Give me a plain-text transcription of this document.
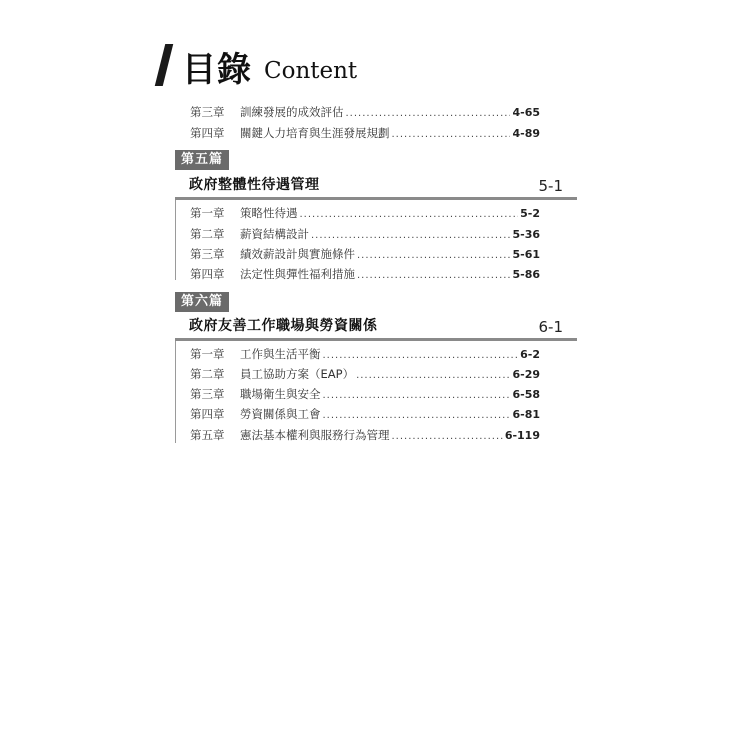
目錄 Content
第三章	訓練發展的成效評估 .....	4-65
第四章	關鍵人力培育與生涯發展規劃 .....	4-89
第五篇
政府整體性待遇管理	5-1
第一章	策略性待遇 .....	5-2
第二章	薪資結構設計 .....	5-36
第三章	績效薪設計與實施條件 .....	5-61
第四章	法定性與彈性福利措施 .....	5-86
第六篇
政府友善工作職場與勞資關係	6-1
第一章	工作與生活平衡 .....	6-2
第二章	員工協助方案（EAP） .....	6-29
第三章	職場衛生與安全 .....	6-58
第四章	勞資關係與工會 .....	6-81
第五章	憲法基本權利與服務行為管理 .....	6-119
